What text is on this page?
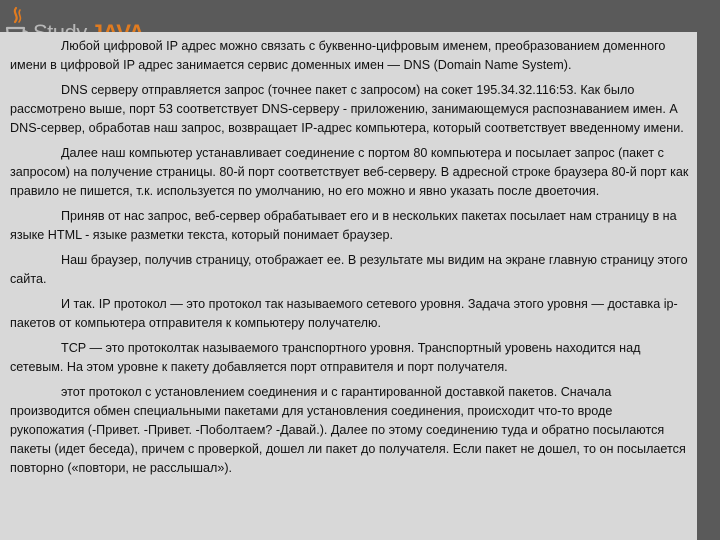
Любой цифровой IP адрес можно связать с буквенно-цифровым именем, преобразованием доменного имени в цифровой IP адрес занимается сервис доменных имен — DNS (Domain Name System).

DNS серверу отправляется запрос (точнее пакет с запросом) на сокет 195.34.32.116:53. Как было рассмотрено выше, порт 53 соответствует DNS-серверу - приложению, занимающемуся распознаванием имен. А DNS-сервер, обработав наш запрос, возвращает IP-адрес компьютера, который соответствует введенному имени.

Далее наш компьютер устанавливает соединение с портом 80 компьютера и посылает запрос (пакет с запросом) на получение страницы. 80-й порт соответствует веб-серверу. В адресной строке браузера 80-й порт как правило не пишется, т.к. используется по умолчанию, но его можно и явно указать после двоеточия.

Приняв от нас запрос, веб-сервер обрабатывает его и в нескольких пакетах посылает нам страницу в на языке HTML - языке разметки текста, который понимает браузер.

Наш браузер, получив страницу, отображает ее. В результате мы видим на экране главную страницу этого сайта.

И так. IP протокол — это протокол так называемого сетевого уровня. Задача этого уровня — доставка ip-пакетов от компьютера отправителя к компьютеру получателю.

TCP — это протоколтак называемого транспортного уровня. Транспортный уровень находится над сетевым. На этом уровне к пакету добавляется порт отправителя и порт получателя.

этот протокол с установлением соединения и с гарантированной доставкой пакетов. Сначала производится обмен специальными пакетами для установления соединения, происходит что-то вроде рукопожатия (-Привет. -Привет. -Поболтаем? -Давай.). Далее по этому соединению туда и обратно посылаются пакеты (идет беседа), причем с проверкой, дошел ли пакет до получателя. Если пакет не дошел, то он посылается повторно («повтори, не расслышал»).
